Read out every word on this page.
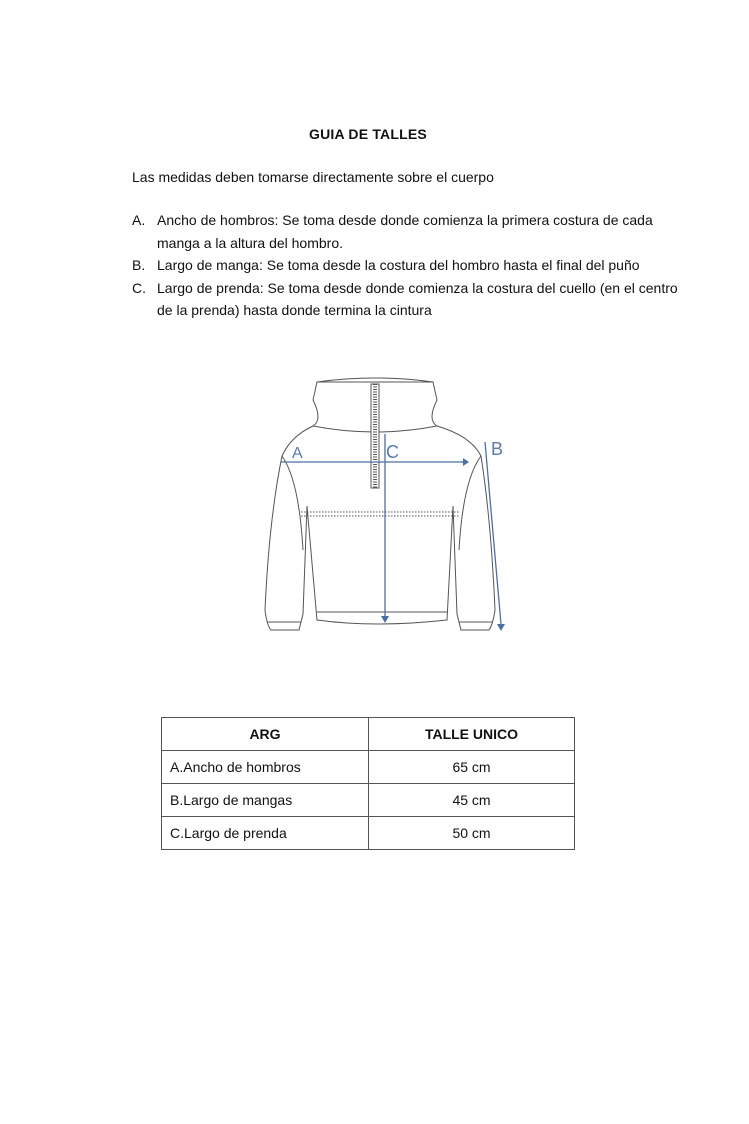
GUIA DE TALLES
Las medidas deben tomarse directamente sobre el cuerpo
A. Ancho de hombros: Se toma desde donde comienza la primera costura de cada manga a la altura del hombro.
B. Largo de manga: Se toma desde la costura del hombro hasta el final del puño
C. Largo de prenda: Se toma desde donde comienza la costura del cuello (en el centro de la prenda) hasta donde termina la cintura
A	C	B
ARG	TALLE UNICO
A.Ancho de hombros	65 cm
B.Largo de mangas	45 cm
C.Largo de prenda	50 cm
